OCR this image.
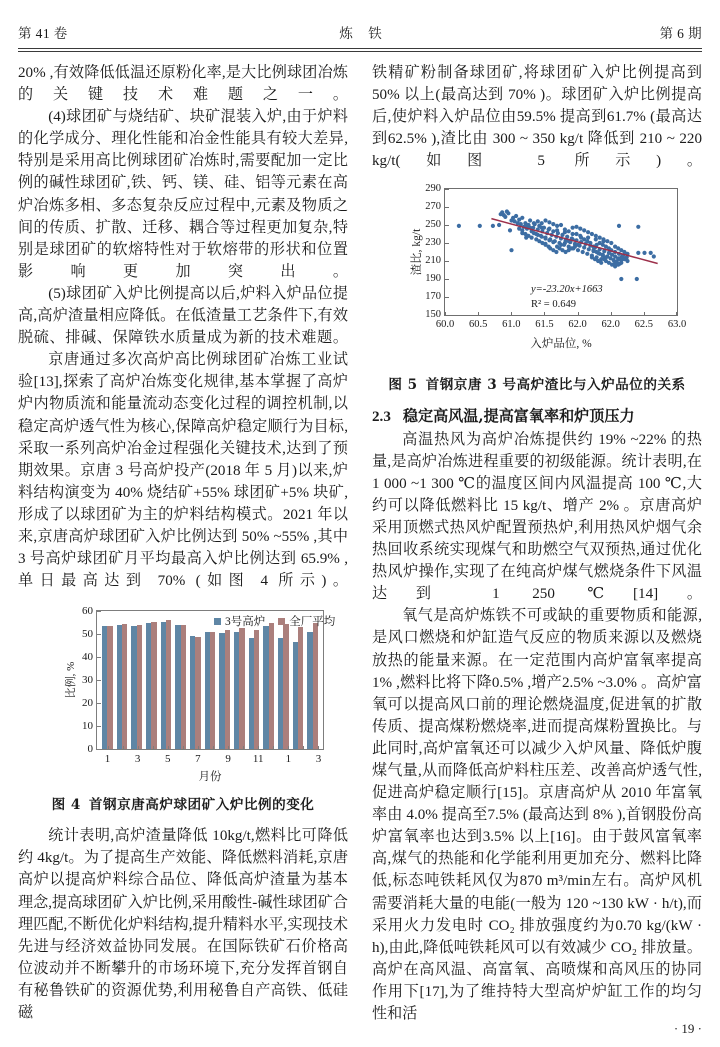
第 41 卷	炼 铁	第 6 期

20% ,有效降低低温还原粉化率,是大比例球团冶炼的关键技术难题之一。

(4)球团矿与烧结矿、块矿混装入炉,由于炉料的化学成分、理化性能和冶金性能具有较大差异,特别是采用高比例球团矿冶炼时,需要配加一定比例的碱性球团矿,铁、钙、镁、硅、铝等元素在高炉冶炼多相、多态复杂反应过程中,元素及物质之间的传质、扩散、迁移、耦合等过程更加复杂,特别是球团矿的软熔特性对于软熔带的形状和位置影响更加突出。

(5)球团矿入炉比例提高以后,炉料入炉品位提高,高炉渣量相应降低。在低渣量工艺条件下,有效脱硫、排碱、保障铁水质量成为新的技术难题。

京唐通过多次高炉高比例球团矿冶炼工业试验[13],探索了高炉冶炼变化规律,基本掌握了高炉炉内物质流和能量流动态变化过程的调控机制,以稳定高炉透气性为核心,保障高炉稳定顺行为目标,采取一系列高炉冶金过程强化关键技术,达到了预期效果。京唐 3 号高炉投产(2018 年 5 月)以来,炉料结构演变为 40% 烧结矿+55% 球团矿+5% 块矿,形成了以球团矿为主的炉料结构模式。2021 年以来,京唐高炉球团矿入炉比例达到 50% ~55% ,其中 3 号高炉球团矿月平均最高入炉比例达到 65.9% ,单日最高达到 70% (如图 4 所示)。

比例, %
0
10
20
30
40
50
60
1 3 5 7 9 11 1 3
3号高炉 全厂平均
月份
图 4 首钢京唐高炉球团矿入炉比例的变化

统计表明,高炉渣量降低 10kg/t,燃料比可降低约 4kg/t。为了提高生产效能、降低燃料消耗,京唐高炉以提高炉料综合品位、降低高炉渣量为基本理念,提高球团矿入炉比例,采用酸性-碱性球团矿合理匹配,不断优化炉料结构,提升精料水平,实现技术先进与经济效益协同发展。在国际铁矿石价格高位波动并不断攀升的市场环境下,充分发挥首钢自有秘鲁铁矿的资源优势,利用秘鲁自产高铁、低硅磁

铁精矿粉制备球团矿,将球团矿入炉比例提高到 50% 以上(最高达到 70% )。球团矿入炉比例提高后,使炉料入炉品位由59.5% 提高到61.7% (最高达到62.5% ),渣比由 300 ~ 350 kg/t 降低到 210 ~ 220 kg/t(如图 5 所示)。

渣比, kg/t
y=-23.20x+1663
R² = 0.649
150
170
190
210
230
250
270
290
60.0 60.5 61.0 61.5 62.0 62.0 62.5 63.0
入炉品位, %
图 5 首钢京唐 3 号高炉渣比与入炉品位的关系

2.3 稳定高风温,提高富氧率和炉顶压力

高温热风为高炉冶炼提供约 19% ~22% 的热量,是高炉冶炼进程重要的初级能源。统计表明,在 1 000 ~1 300 ℃的温度区间内风温提高 100 ℃,大约可以降低燃料比 15 kg/t、增产 2% 。京唐高炉采用顶燃式热风炉配置预热炉,利用热风炉烟气余热回收系统实现煤气和助燃空气双预热,通过优化热风炉操作,实现了在纯高炉煤气燃烧条件下风温达到 1 250 ℃[14]。

氧气是高炉炼铁不可或缺的重要物质和能源,是风口燃烧和炉缸造气反应的物质来源以及燃烧放热的能量来源。在一定范围内高炉富氧率提高 1% ,燃料比将下降0.5% ,增产2.5% ~3.0% 。高炉富氧可以提高风口前的理论燃烧温度,促进氧的扩散传质、提高煤粉燃烧率,进而提高煤粉置换比。与此同时,高炉富氧还可以减少入炉风量、降低炉腹煤气量,从而降低高炉料柱压差、改善高炉透气性,促进高炉稳定顺行[15]。京唐高炉从 2010 年富氧率由 4.0% 提高至7.5% (最高达到 8% ),首钢股份高炉富氧率也达到3.5% 以上[16]。由于鼓风富氧率高,煤气的热能和化学能利用更加充分、燃料比降低,标态吨铁耗风仅为870 m³/min左右。高炉风机需要消耗大量的电能(一般为 120 ~130 kW · h/t),而采用火力发电时 CO₂ 排放强度约为0.70 kg/(kW · h),由此,降低吨铁耗风可以有效减少 CO₂ 排放量。高炉在高风温、高富氧、高喷煤和高风压的协同作用下[17],为了维持特大型高炉炉缸工作的均匀性和活

· 19 ·
